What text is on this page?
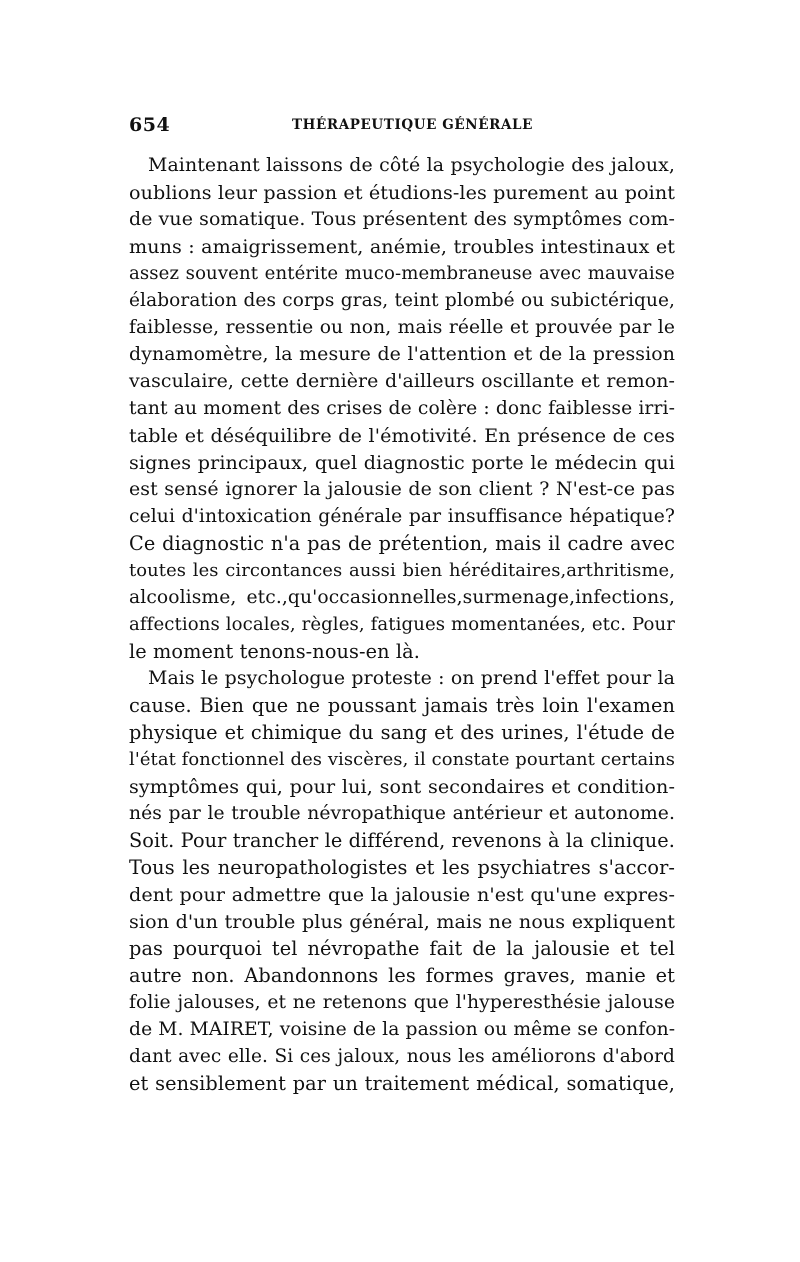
654	THÉRAPEUTIQUE GÉNÉRALE
Maintenant laissons de côté la psychologie des jaloux,
oublions leur passion et étudions-les purement au point
de vue somatique. Tous présentent des symptômes com-
muns : amaigrissement, anémie, troubles intestinaux et
assez souvent entérite muco-membraneuse avec mauvaise
élaboration des corps gras, teint plombé ou subictérique,
faiblesse, ressentie ou non, mais réelle et prouvée par le
dynamomètre, la mesure de l'attention et de la pression
vasculaire, cette dernière d'ailleurs oscillante et remon-
tant au moment des crises de colère : donc faiblesse irri-
table et déséquilibre de l'émotivité. En présence de ces
signes principaux, quel diagnostic porte le médecin qui
est sensé ignorer la jalousie de son client ? N'est-ce pas
celui d'intoxication générale par insuffisance hépatique?
Ce diagnostic n'a pas de prétention, mais il cadre avec
toutes les circontances aussi bien héréditaires,arthritisme,
alcoolisme, etc.,qu'occasionnelles,surmenage,infections,
affections locales, règles, fatigues momentanées, etc. Pour
le moment tenons-nous-en là.
Mais le psychologue proteste : on prend l'effet pour la
cause. Bien que ne poussant jamais très loin l'examen
physique et chimique du sang et des urines, l'étude de
l'état fonctionnel des viscères, il constate pourtant certains
symptômes qui, pour lui, sont secondaires et condition-
nés par le trouble névropathique antérieur et autonome.
Soit. Pour trancher le différend, revenons à la clinique.
Tous les neuropathologistes et les psychiatres s'accor-
dent pour admettre que la jalousie n'est qu'une expres-
sion d'un trouble plus général, mais ne nous expliquent
pas pourquoi tel névropathe fait de la jalousie et tel
autre non. Abandonnons les formes graves, manie et
folie jalouses, et ne retenons que l'hyperesthésie jalouse
de M. MAIRET, voisine de la passion ou même se confon-
dant avec elle. Si ces jaloux, nous les améliorons d'abord
et sensiblement par un traitement médical, somatique,
